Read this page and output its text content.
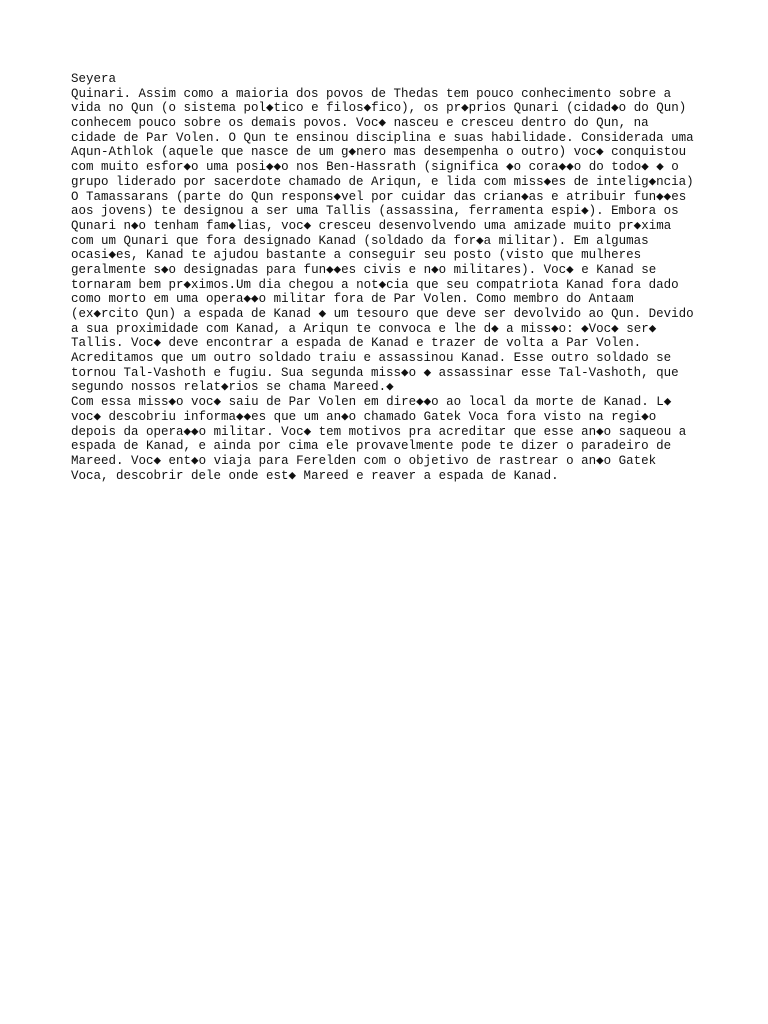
Seyera
Quinari. Assim como a maioria dos povos de Thedas tem pouco conhecimento sobre a
vida no Qun (o sistema pol◆tico e filos◆fico), os pr◆prios Qunari (cidad◆o do Qun)
conhecem pouco sobre os demais povos. Voc◆ nasceu e cresceu dentro do Qun, na
cidade de Par Volen. O Qun te ensinou disciplina e suas habilidade. Considerada uma
Aqun-Athlok (aquele que nasce de um g◆nero mas desempenha o outro) voc◆ conquistou
com muito esfor◆o uma posi◆◆o nos Ben-Hassrath (significa ◆o cora◆◆o do todo◆ ◆ o
grupo liderado por sacerdote chamado de Ariqun, e lida com miss◆es de intelig◆ncia)
O Tamassarans (parte do Qun respons◆vel por cuidar das crian◆as e atribuir fun◆◆es
aos jovens) te designou a ser uma Tallis (assassina, ferramenta espi◆). Embora os
Qunari n◆o tenham fam◆lias, voc◆ cresceu desenvolvendo uma amizade muito pr◆xima
com um Qunari que fora designado Kanad (soldado da for◆a militar). Em algumas
ocasi◆es, Kanad te ajudou bastante a conseguir seu posto (visto que mulheres
geralmente s◆o designadas para fun◆◆es civis e n◆o militares). Voc◆ e Kanad se
tornaram bem pr◆ximos.Um dia chegou a not◆cia que seu compatriota Kanad fora dado
como morto em uma opera◆◆o militar fora de Par Volen. Como membro do Antaam
(ex◆rcito Qun) a espada de Kanad ◆ um tesouro que deve ser devolvido ao Qun. Devido
a sua proximidade com Kanad, a Ariqun te convoca e lhe d◆ a miss◆o: ◆Voc◆ ser◆
Tallis. Voc◆ deve encontrar a espada de Kanad e trazer de volta a Par Volen.
Acreditamos que um outro soldado traiu e assassinou Kanad. Esse outro soldado se
tornou Tal-Vashoth e fugiu. Sua segunda miss◆o ◆ assassinar esse Tal-Vashoth, que
segundo nossos relat◆rios se chama Mareed.◆
Com essa miss◆o voc◆ saiu de Par Volen em dire◆◆o ao local da morte de Kanad. L◆
voc◆ descobriu informa◆◆es que um an◆o chamado Gatek Voca fora visto na regi◆o
depois da opera◆◆o militar. Voc◆ tem motivos pra acreditar que esse an◆o saqueou a
espada de Kanad, e ainda por cima ele provavelmente pode te dizer o paradeiro de
Mareed. Voc◆ ent◆o viaja para Ferelden com o objetivo de rastrear o an◆o Gatek
Voca, descobrir dele onde est◆ Mareed e reaver a espada de Kanad.
